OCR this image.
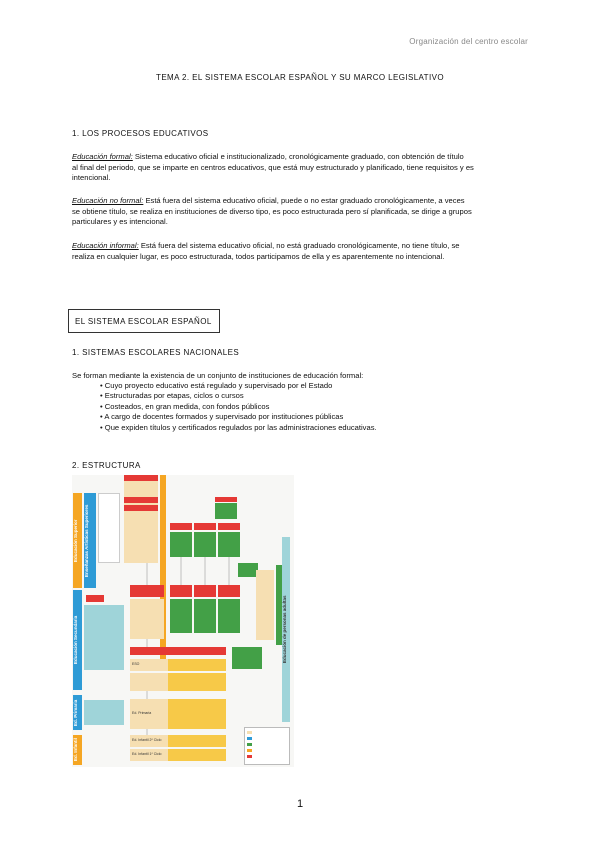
Organización del centro escolar
TEMA 2. EL SISTEMA ESCOLAR ESPAÑOL Y SU MARCO LEGISLATIVO
1. LOS PROCESOS EDUCATIVOS
Educación formal: Sistema educativo oficial e institucionalizado, cronológicamente graduado, con obtención de título
al final del periodo, que se imparte en centros educativos, que está muy estructurado y planificado, tiene requisitos y es
intencional.
Educación no formal: Está fuera del sistema educativo oficial, puede o no estar graduado cronológicamente, a veces
se obtiene título, se realiza en instituciones de diverso tipo, es poco estructurada pero sí planificada, se dirige a grupos
particulares y es intencional.
Educación informal: Está fuera del sistema educativo oficial, no está graduado cronológicamente, no tiene título, se
realiza en cualquier lugar, es poco estructurada, todos participamos de ella y es aparentemente no intencional.
EL SISTEMA ESCOLAR ESPAÑOL
1. SISTEMAS ESCOLARES NACIONALES
Se forman mediante la existencia de un conjunto de instituciones de educación formal:
• Cuyo proyecto educativo está regulado y supervisado por el Estado
• Estructuradas por etapas, ciclos o cursos
• Costeados, en gran medida, con fondos públicos
• A cargo de docentes formados y supervisado por instituciones públicas
• Que expiden títulos y certificados regulados por las administraciones educativas.
2. ESTRUCTURA
Educación Superior	Enseñanzas Artísticas Superiores
Educación Secundaria
Ed. Primaria
Ed. Infantil
Educación de personas adultas
ESO
Ed. Primaria
Ed. Infantil 2º Ciclo
Ed. Infantil 1º Ciclo
1
